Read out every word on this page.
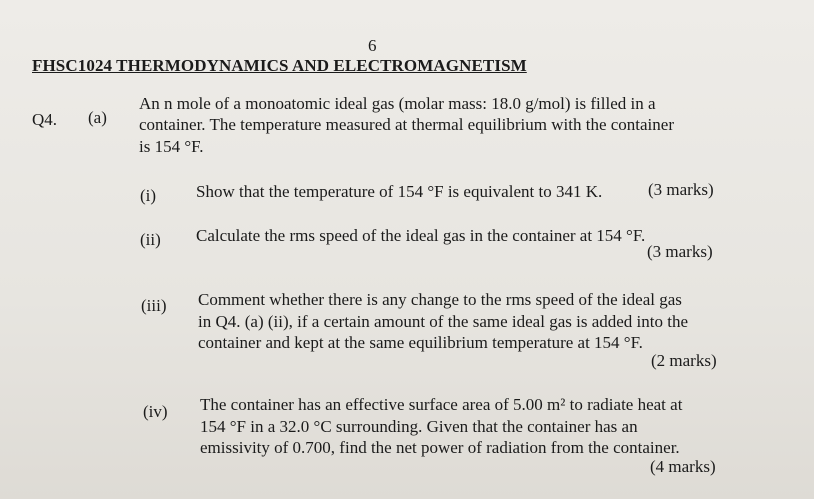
6
FHSC1024 THERMODYNAMICS AND ELECTROMAGNETISM
Q4. (a)
An n mole of a monoatomic ideal gas (molar mass: 18.0 g/mol) is filled in a
container. The temperature measured at thermal equilibrium with the container
is 154 °F.
(i) Show that the temperature of 154 °F is equivalent to 341 K.	(3 marks)
(ii) Calculate the rms speed of the ideal gas in the container at 154 °F.
(3 marks)
(iii) Comment whether there is any change to the rms speed of the ideal gas
in Q4. (a) (ii), if a certain amount of the same ideal gas is added into the
container and kept at the same equilibrium temperature at 154 °F.
(2 marks)
(iv) The container has an effective surface area of 5.00 m² to radiate heat at
154 °F in a 32.0 °C surrounding. Given that the container has an
emissivity of 0.700, find the net power of radiation from the container.
(4 marks)
